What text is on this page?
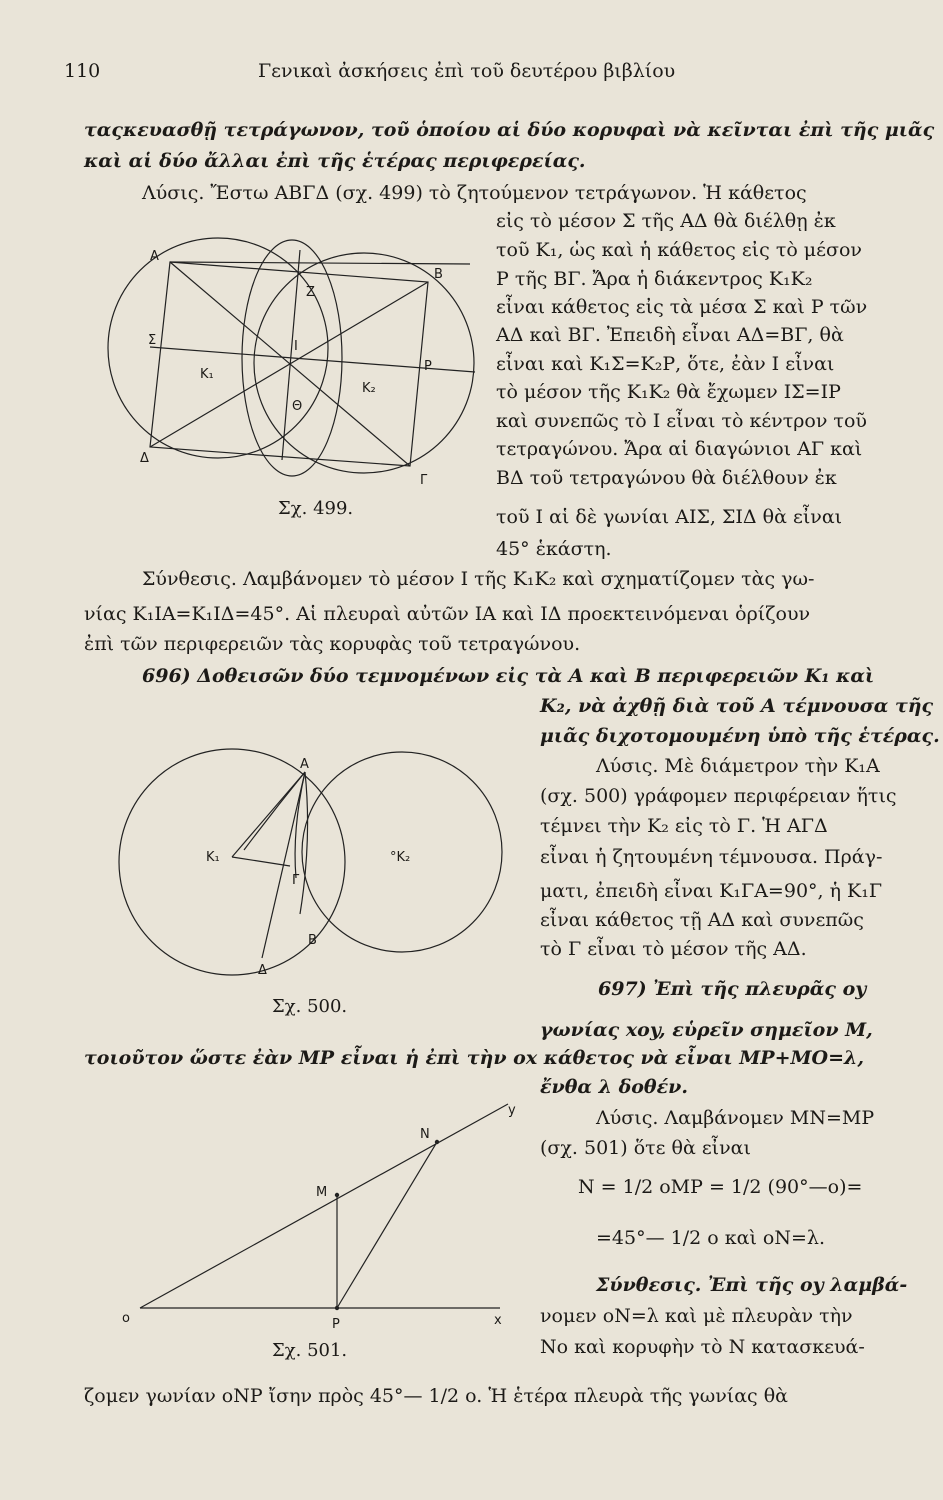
110	Γενικαὶ ἀσκήσεις ἐπὶ τοῦ δευτέρου βιβλίου
ταςκευασθῇ τετράγωνον, τοῦ ὁποίου αἱ δύο κορυφαὶ νὰ κεῖνται ἐπὶ τῆς μιᾶς
καὶ αἱ δύο ἄλλαι ἐπὶ τῆς ἑτέρας περιφερείας.
Λύσις. Ἔστω ΑΒΓΔ (σχ. 499) τὸ ζητούμενον τετράγωνον. Ἡ κάθετος
εἰς τὸ μέσον Σ τῆς ΑΔ θὰ διέλθῃ ἐκ
τοῦ Κ₁, ὡς καὶ ἡ κάθετος εἰς τὸ μέσον
Ρ τῆς ΒΓ. Ἄρα ἡ διάκεντρος Κ₁Κ₂
εἶναι κάθετος εἰς τὰ μέσα Σ καὶ Ρ τῶν
ΑΔ καὶ ΒΓ. Ἐπειδὴ εἶναι ΑΔ=ΒΓ, θὰ
εἶναι καὶ Κ₁Σ=Κ₂Ρ, ὅτε, ἐὰν Ι εἶναι
τὸ μέσον τῆς Κ₁Κ₂ θὰ ἔχωμεν ΙΣ=ΙΡ
καὶ συνεπῶς τὸ Ι εἶναι τὸ κέντρον τοῦ
τετραγώνου. Ἄρα αἱ διαγώνιοι ΑΓ καὶ
ΒΔ τοῦ τετραγώνου θὰ διέλθουν ἐκ
τοῦ Ι αἱ δὲ γωνίαι ΑΙΣ, ΣΙΔ θὰ εἶναι
45° ἑκάστη.
Α
Β
Γ
Δ
Σ
Ζ
Ι
Ρ
Θ
Κ₁
Κ₂
Σχ. 499.
Σύνθεσις. Λαμβάνομεν τὸ μέσον Ι τῆς Κ₁Κ₂ καὶ σχηματίζομεν τὰς γω-
νίας Κ₁ΙΑ=Κ₁ΙΔ=45°. Αἱ πλευραὶ αὐτῶν ΙΑ καὶ ΙΔ προεκτεινόμεναι ὁρίζουν
ἐπὶ τῶν περιφερειῶν τὰς κορυφὰς τοῦ τετραγώνου.
696) Δοθεισῶν δύο τεμνομένων εἰς τὰ Α καὶ Β περιφερειῶν Κ₁ καὶ
Κ₂, νὰ ἀχθῇ διὰ τοῦ Α τέμνουσα τῆς
μιᾶς διχοτομουμένη ὑπὸ τῆς ἑτέρας.
Λύσις. Μὲ διάμετρον τὴν Κ₁Α
(σχ. 500) γράφομεν περιφέρειαν ἥτις
τέμνει τὴν Κ₂ εἰς τὸ Γ. Ἡ ΑΓΔ
εἶναι ἡ ζητουμένη τέμνουσα. Πράγ-
ματι, ἐπειδὴ εἶναι Κ₁ΓΑ=90°, ἡ Κ₁Γ
εἶναι κάθετος τῇ ΑΔ καὶ συνεπῶς
τὸ Γ εἶναι τὸ μέσον τῆς ΑΔ.
Α
Κ₁	°Κ₂
Γ
Β
Δ
Σχ. 500.
697) Ἐπὶ τῆς πλευρᾶς οy
γωνίας xoy, εὑρεῖν σημεῖον Μ,
τοιοῦτον ὥστε ἐὰν ΜΡ εἶναι ἡ ἐπὶ τὴν οx κάθετος νὰ εἶναι ΜΡ+ΜΟ=λ,
ἔνθα λ δοθέν.
Λύσις. Λαμβάνομεν ΜΝ=ΜΡ
(σχ. 501) ὅτε θὰ εἶναι
N = 1/2 oMP = 1/2 (90°—o)=
=45°— 1/2 o καὶ oN=λ.
Σύνθεσις. Ἐπὶ τῆς oy λαμβά-
νομεν oN=λ καὶ μὲ πλευρὰν τὴν
No καὶ κορυφὴν τὸ Ν κατασκευά-
o	x
y
Μ
Ν
Ρ
Σχ. 501.
ζομεν γωνίαν oNP ἴσην πρὸς 45°— 1/2 o. Ἡ ἑτέρα πλευρὰ τῆς γωνίας θὰ
